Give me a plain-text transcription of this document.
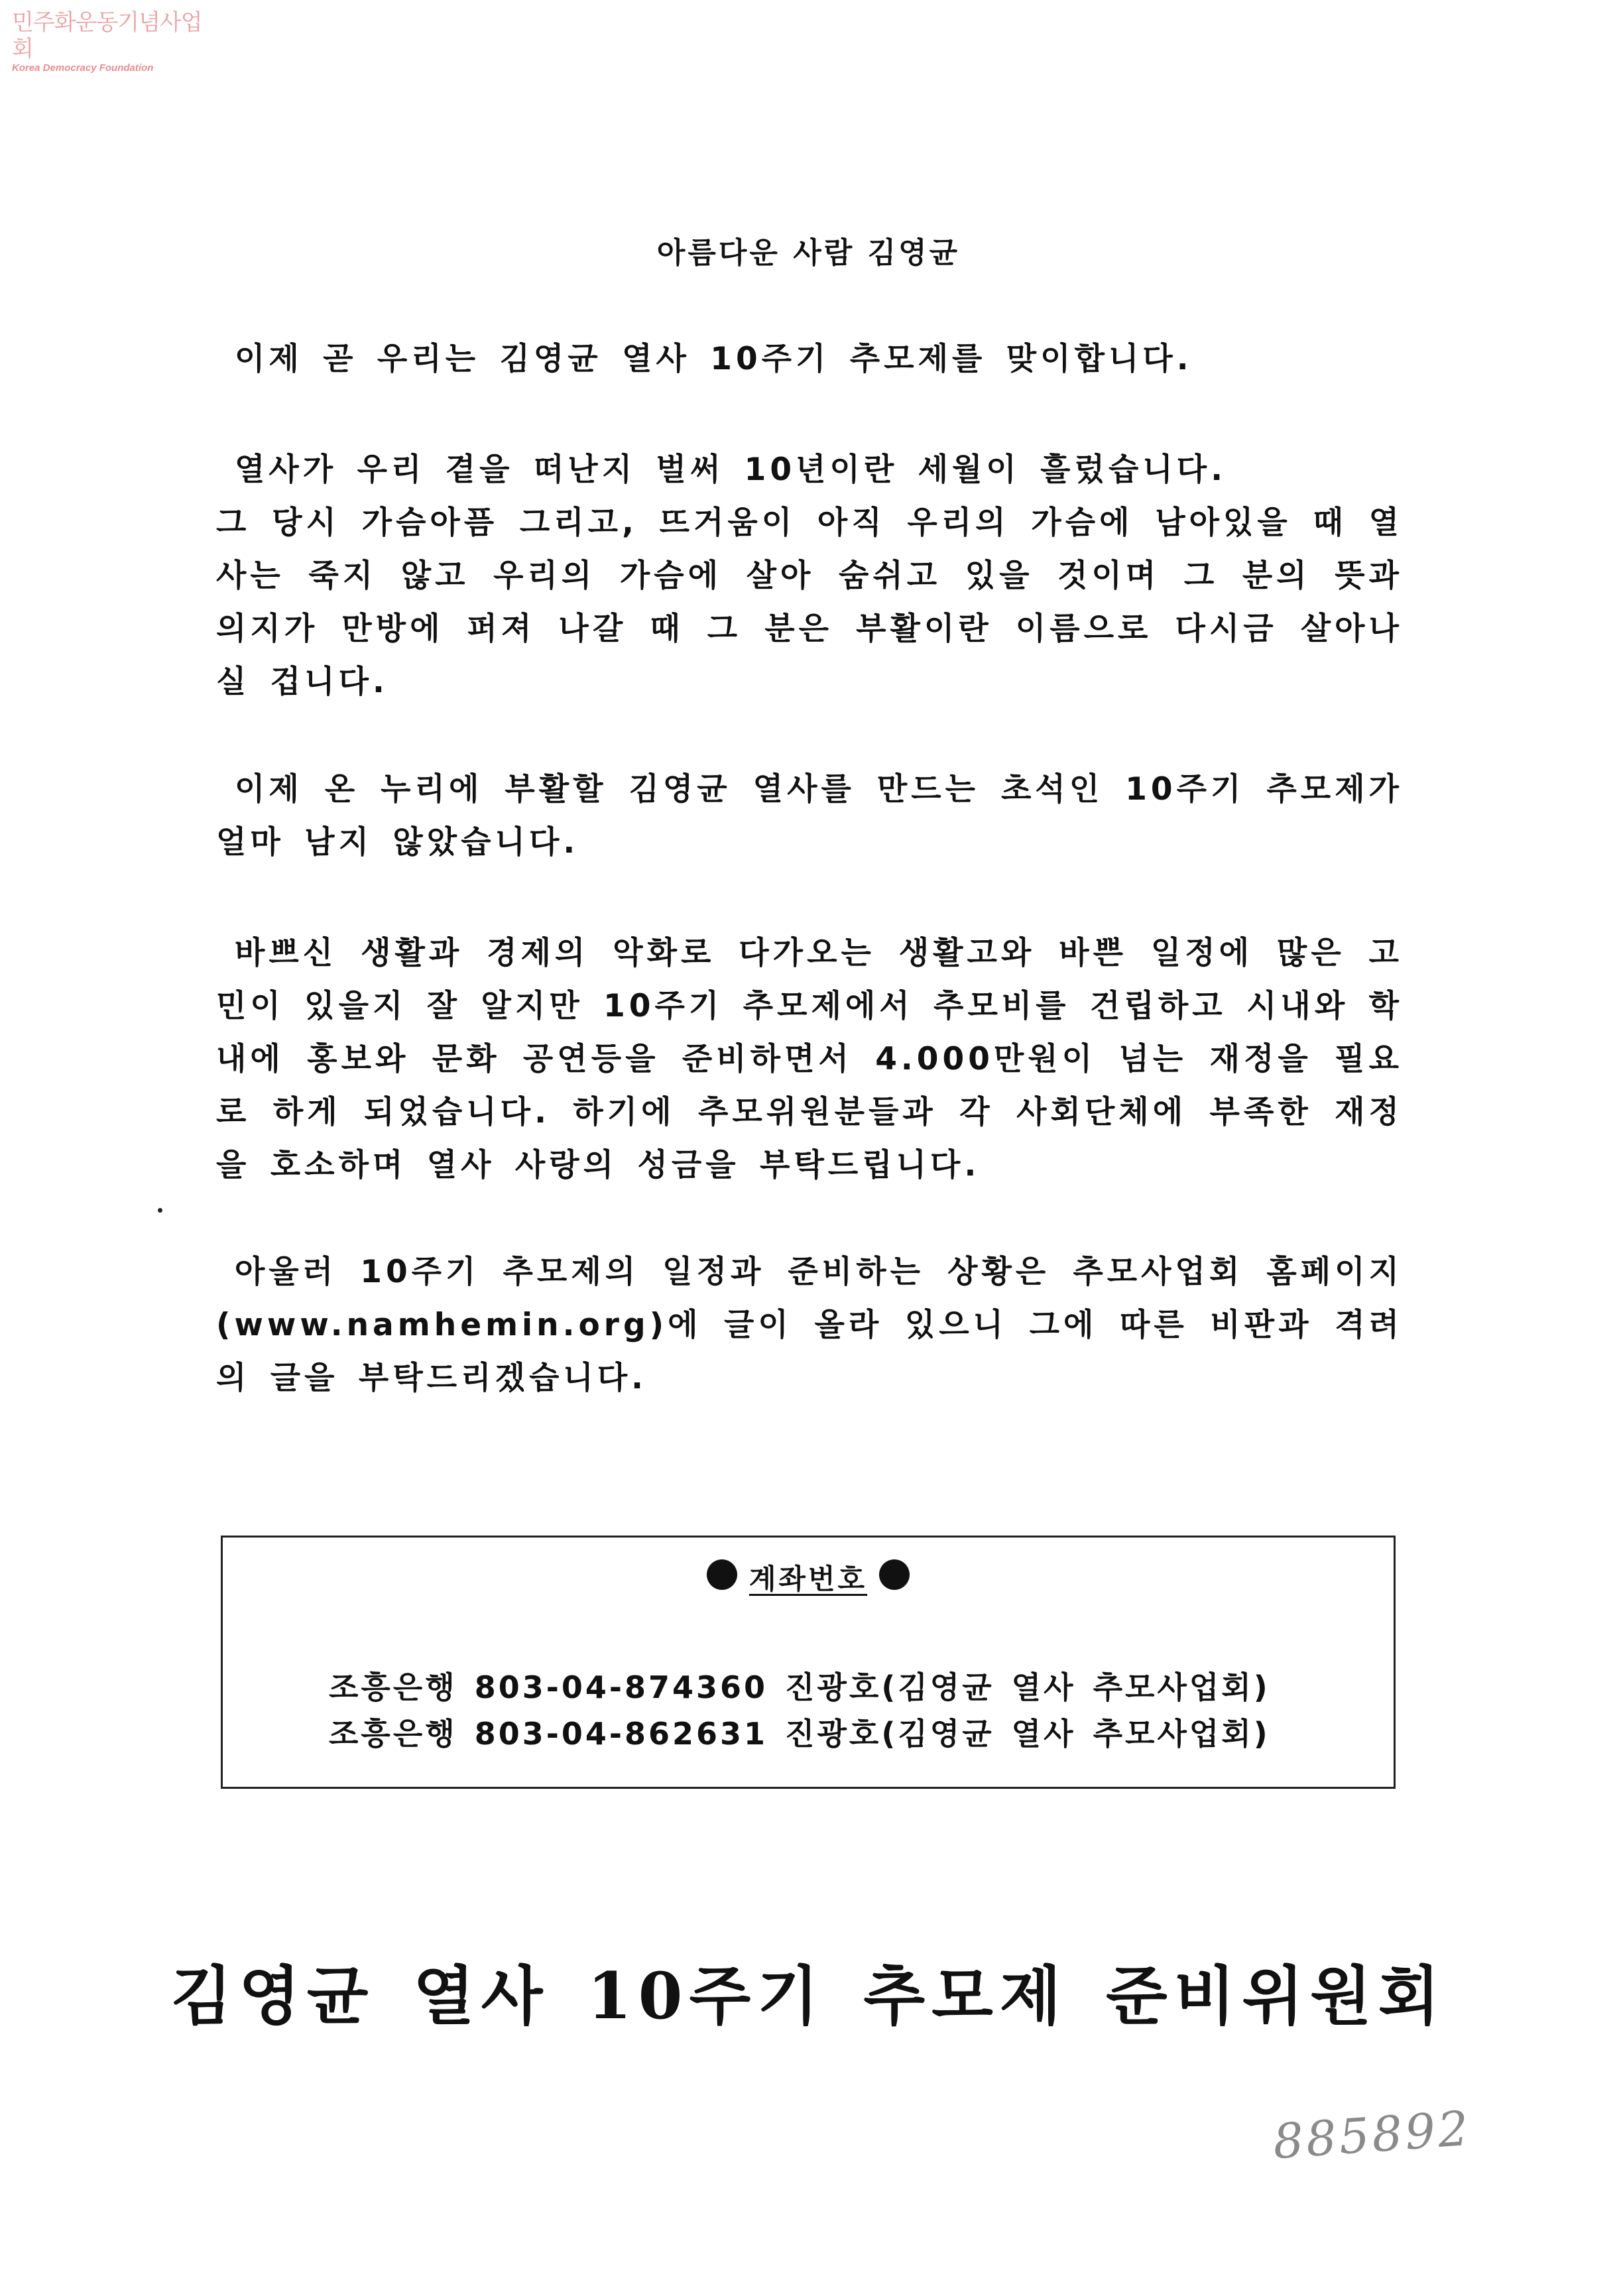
민주화운동기념사업회
Korea Democracy Foundation
아름다운 사람 김영균

이제 곧 우리는 김영균 열사 10주기 추모제를 맞이합니다.

열사가 우리 곁을 떠난지 벌써 10년이란 세월이 흘렀습니다.

그 당시 가슴아픔 그리고, 뜨거움이 아직 우리의 가슴에 남아있을 때 열사는 죽지 않고 우리의 가슴에 살아 숨쉬고 있을 것이며 그 분의 뜻과 의지가 만방에 퍼져 나갈 때 그 분은 부활이란 이름으로 다시금 살아나실 겁니다.

이제 온 누리에 부활할 김영균 열사를 만드는 초석인 10주기 추모제가 얼마 남지 않았습니다.

바쁘신 생활과 경제의 악화로 다가오는 생활고와 바쁜 일정에 많은 고민이 있을지 잘 알지만 10주기 추모제에서 추모비를 건립하고 시내와 학내에 홍보와 문화 공연등을 준비하면서 4.000만원이 넘는 재정을 필요로 하게 되었습니다. 하기에 추모위원분들과 각 사회단체에 부족한 재정을 호소하며 열사 사랑의 성금을 부탁드립니다.

아울러 10주기 추모제의 일정과 준비하는 상황은 추모사업회 홈페이지(www.namhemin.org)에 글이 올라 있으니 그에 따른 비판과 격려의 글을 부탁드리겠습니다.

계좌번호
조흥은행 803-04-874360 진광호(김영균 열사 추모사업회)
조흥은행 803-04-862631 진광호(김영균 열사 추모사업회)
김영균 열사 10주기 추모제 준비위원회
885892
